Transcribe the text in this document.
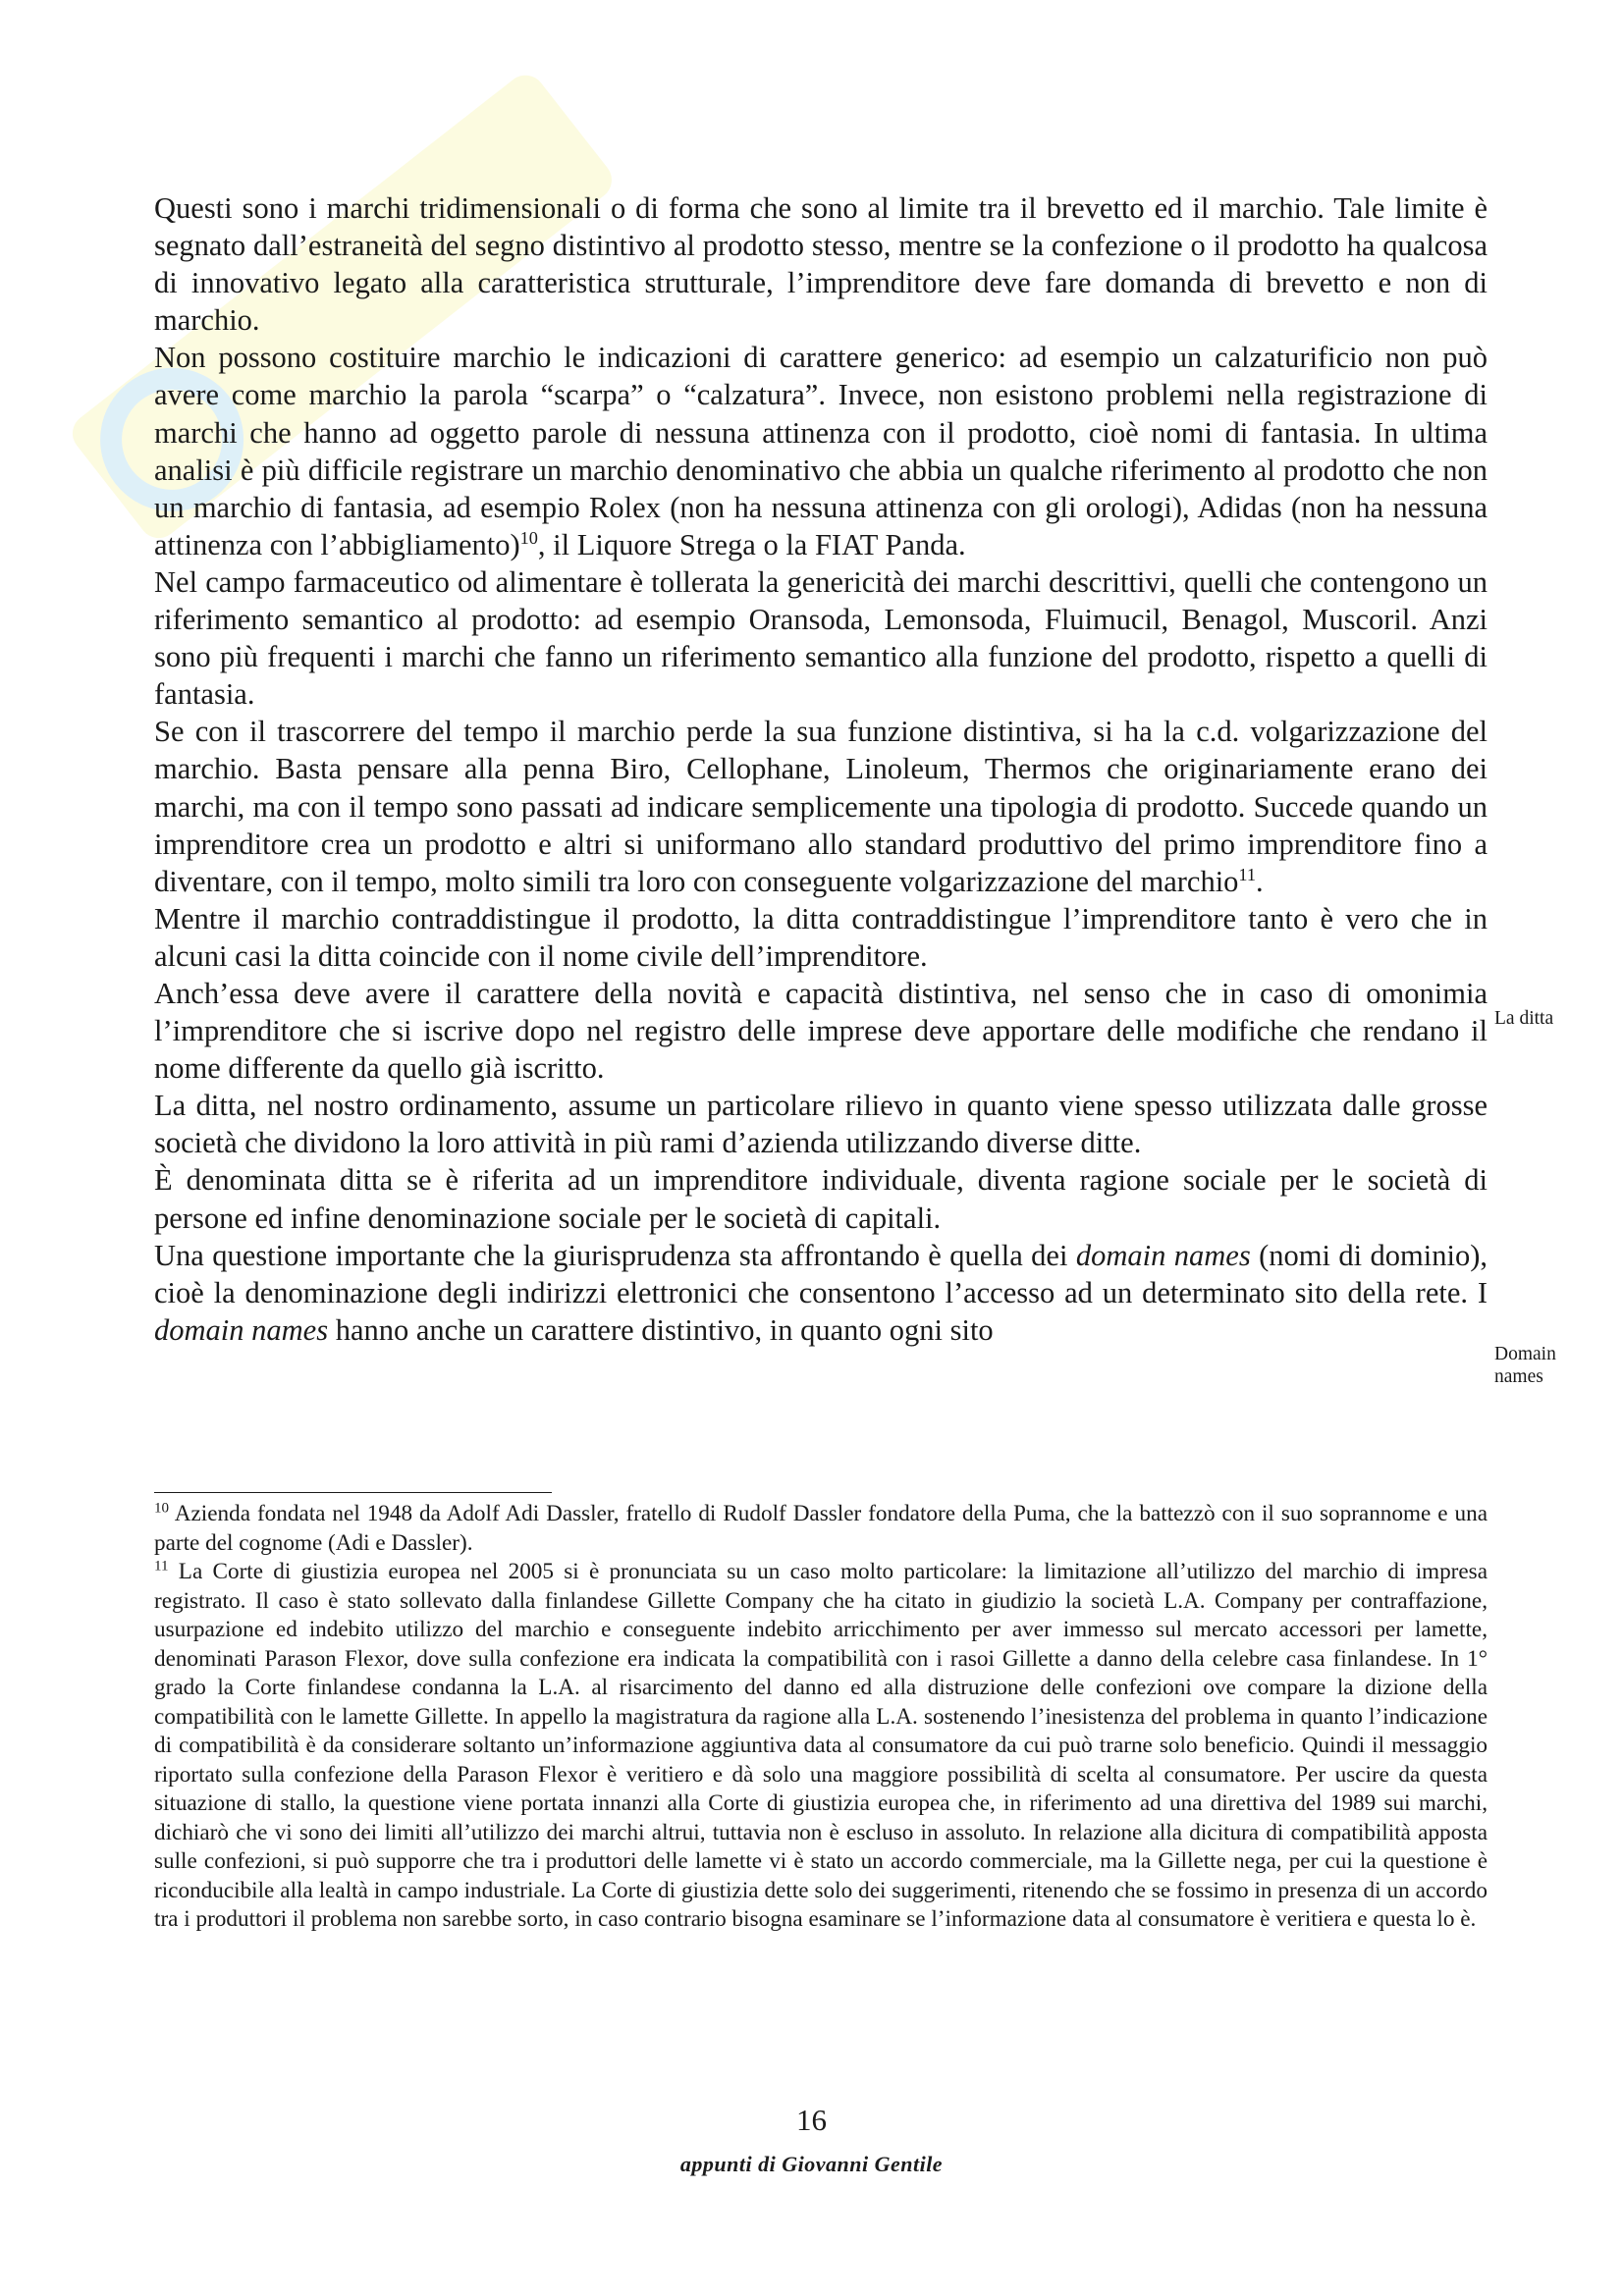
Questi sono i marchi tridimensionali o di forma che sono al limite tra il brevetto ed il marchio. Tale limite è segnato dall’estraneità del segno distintivo al prodotto stesso, mentre se la confezione o il prodotto ha qualcosa di innovativo legato alla caratteristica strutturale, l’imprenditore deve fare domanda di brevetto e non di marchio.

Non possono costituire marchio le indicazioni di carattere generico: ad esempio un calzaturificio non può avere come marchio la parola “scarpa” o “calzatura”. Invece, non esistono problemi nella registrazione di marchi che hanno ad oggetto parole di nessuna attinenza con il prodotto, cioè nomi di fantasia. In ultima analisi è più difficile registrare un marchio denominativo che abbia un qualche riferimento al prodotto che non un marchio di fantasia, ad esempio Rolex (non ha nessuna attinenza con gli orologi), Adidas (non ha nessuna attinenza con l’abbigliamento)$^{10}$, il Liquore Strega o la FIAT Panda.

Nel campo farmaceutico od alimentare è tollerata la genericità dei marchi descrittivi, quelli che contengono un riferimento semantico al prodotto: ad esempio Oransoda, Lemonsoda, Fluimucil, Benagol, Muscoril. Anzi sono più frequenti i marchi che fanno un riferimento semantico alla funzione del prodotto, rispetto a quelli di fantasia.

Se con il trascorrere del tempo il marchio perde la sua funzione distintiva, si ha la c.d. volgarizzazione del marchio. Basta pensare alla penna Biro, Cellophane, Linoleum, Thermos che originariamente erano dei marchi, ma con il tempo sono passati ad indicare semplicemente una tipologia di prodotto. Succede quando un imprenditore crea un prodotto e altri si uniformano allo standard produttivo del primo imprenditore fino a diventare, con il tempo, molto simili tra loro con conseguente volgarizzazione del marchio$^{11}$.

Mentre il marchio contraddistingue il prodotto, la ditta contraddistingue l’imprenditore tanto è vero che in alcuni casi la ditta coincide con il nome civile dell’imprenditore.

Anch’essa deve avere il carattere della novità e capacità distintiva, nel senso che in caso di omonimia l’imprenditore che si iscrive dopo nel registro delle imprese deve apportare delle modifiche che rendano il nome differente da quello già iscritto.

La ditta, nel nostro ordinamento, assume un particolare rilievo in quanto viene spesso utilizzata dalle grosse società che dividono la loro attività in più rami d’azienda utilizzando diverse ditte.

È denominata ditta se è riferita ad un imprenditore individuale, diventa ragione sociale per le società di persone ed infine denominazione sociale per le società di capitali.

Una questione importante che la giurisprudenza sta affrontando è quella dei domain names (nomi di dominio), cioè la denominazione degli indirizzi elettronici che consentono l’accesso ad un determinato sito della rete. I domain names hanno anche un carattere distintivo, in quanto ogni sito

La ditta
Domain
names

$^{10}$ Azienda fondata nel 1948 da Adolf Adi Dassler, fratello di Rudolf Dassler fondatore della Puma, che la battezzò con il suo soprannome e una parte del cognome (Adi e Dassler).

$^{11}$ La Corte di giustizia europea nel 2005 si è pronunciata su un caso molto particolare: la limitazione all’utilizzo del marchio di impresa registrato. Il caso è stato sollevato dalla finlandese Gillette Company che ha citato in giudizio la società L.A. Company per contraffazione, usurpazione ed indebito utilizzo del marchio e conseguente indebito arricchimento per aver immesso sul mercato accessori per lamette, denominati Parason Flexor, dove sulla confezione era indicata la compatibilità con i rasoi Gillette a danno della celebre casa finlandese. In 1° grado la Corte finlandese condanna la L.A. al risarcimento del danno ed alla distruzione delle confezioni ove compare la dizione della compatibilità con le lamette Gillette. In appello la magistratura da ragione alla L.A. sostenendo l’inesistenza del problema in quanto l’indicazione di compatibilità è da considerare soltanto un’informazione aggiuntiva data al consumatore da cui può trarne solo beneficio. Quindi il messaggio riportato sulla confezione della Parason Flexor è veritiero e dà solo una maggiore possibilità di scelta al consumatore. Per uscire da questa situazione di stallo, la questione viene portata innanzi alla Corte di giustizia europea che, in riferimento ad una direttiva del 1989 sui marchi, dichiarò che vi sono dei limiti all’utilizzo dei marchi altrui, tuttavia non è escluso in assoluto. In relazione alla dicitura di compatibilità apposta sulle confezioni, si può supporre che tra i produttori delle lamette vi è stato un accordo commerciale, ma la Gillette nega, per cui la questione è riconducibile alla lealtà in campo industriale. La Corte di giustizia dette solo dei suggerimenti, ritenendo che se fossimo in presenza di un accordo tra i produttori il problema non sarebbe sorto, in caso contrario bisogna esaminare se l’informazione data al consumatore è veritiera e questa lo è.

16
appunti di Giovanni Gentile
